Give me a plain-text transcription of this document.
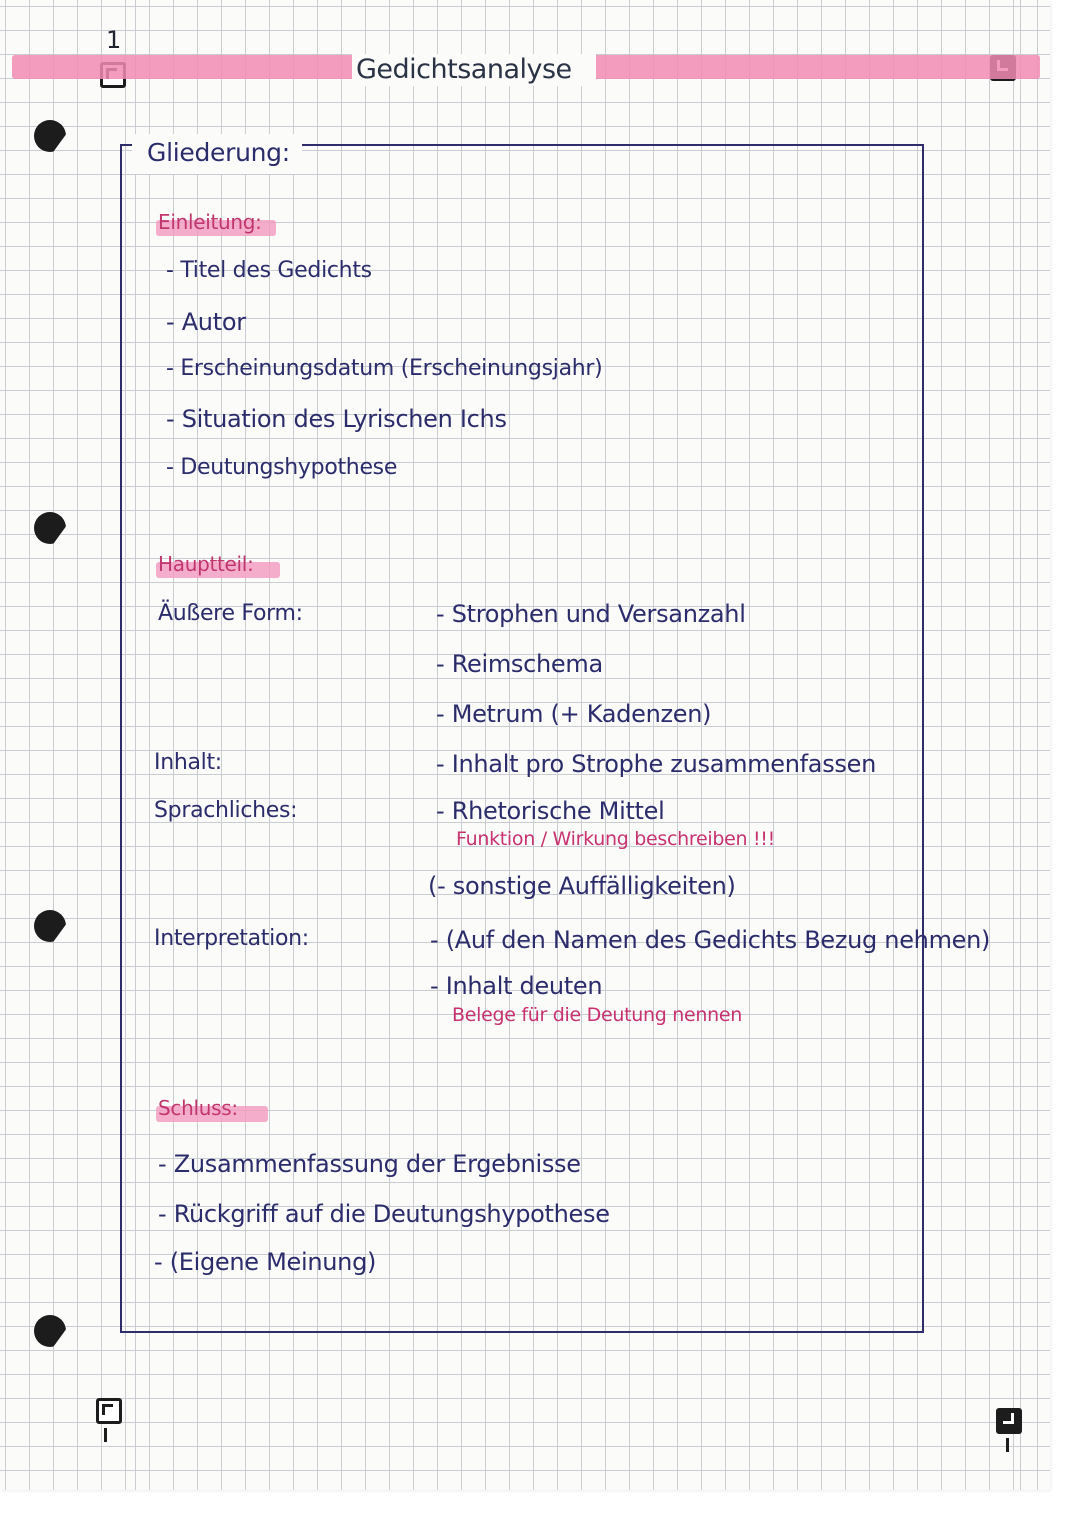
1
Gedichtsanalyse
Gliederung:
Einleitung:
- Titel des Gedichts
- Autor
- Erscheinungsdatum (Erscheinungsjahr)
- Situation des Lyrischen Ichs
- Deutungshypothese
Hauptteil:
Äußere Form:	- Strophen und Versanzahl
- Reimschema
- Metrum (+ Kadenzen)
Inhalt:	- Inhalt pro Strophe zusammenfassen
Sprachliches:	- Rhetorische Mittel
Funktion / Wirkung beschreiben !!!
(- sonstige Auffälligkeiten)
Interpretation:	- (Auf den Namen des Gedichts Bezug nehmen)
- Inhalt deuten
Belege für die Deutung nennen
Schluss:
- Zusammenfassung der Ergebnisse
- Rückgriff auf die Deutungshypothese
- (Eigene Meinung)
